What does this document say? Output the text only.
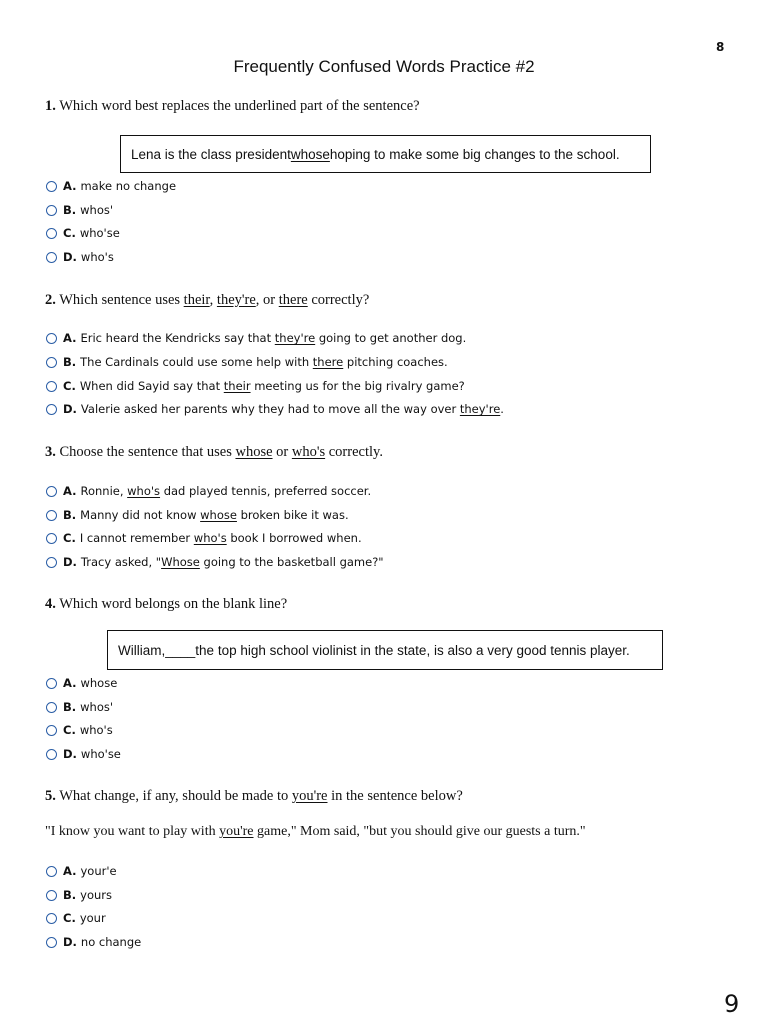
8
Frequently Confused Words Practice #2
1. Which word best replaces the underlined part of the sentence?
Lena is the class president whose hoping to make some big changes to the school.
A. make no change
B. whos'
C. who'se
D. who's
2. Which sentence uses their, they're, or there correctly?
A. Eric heard the Kendricks say that they're going to get another dog.
B. The Cardinals could use some help with there pitching coaches.
C. When did Sayid say that their meeting us for the big rivalry game?
D. Valerie asked her parents why they had to move all the way over they're.
3. Choose the sentence that uses whose or who's correctly.
A. Ronnie, who's dad played tennis, preferred soccer.
B. Manny did not know whose broken bike it was.
C. I cannot remember who's book I borrowed when.
D. Tracy asked, "Whose going to the basketball game?"
4. Which word belongs on the blank line?
William, ____ the top high school violinist in the state, is also a very good tennis player.
A. whose
B. whos'
C. who's
D. who'se
5. What change, if any, should be made to you're in the sentence below?
"I know you want to play with you're game," Mom said, "but you should give our guests a turn."
A. your'e
B. yours
C. your
D. no change
9
